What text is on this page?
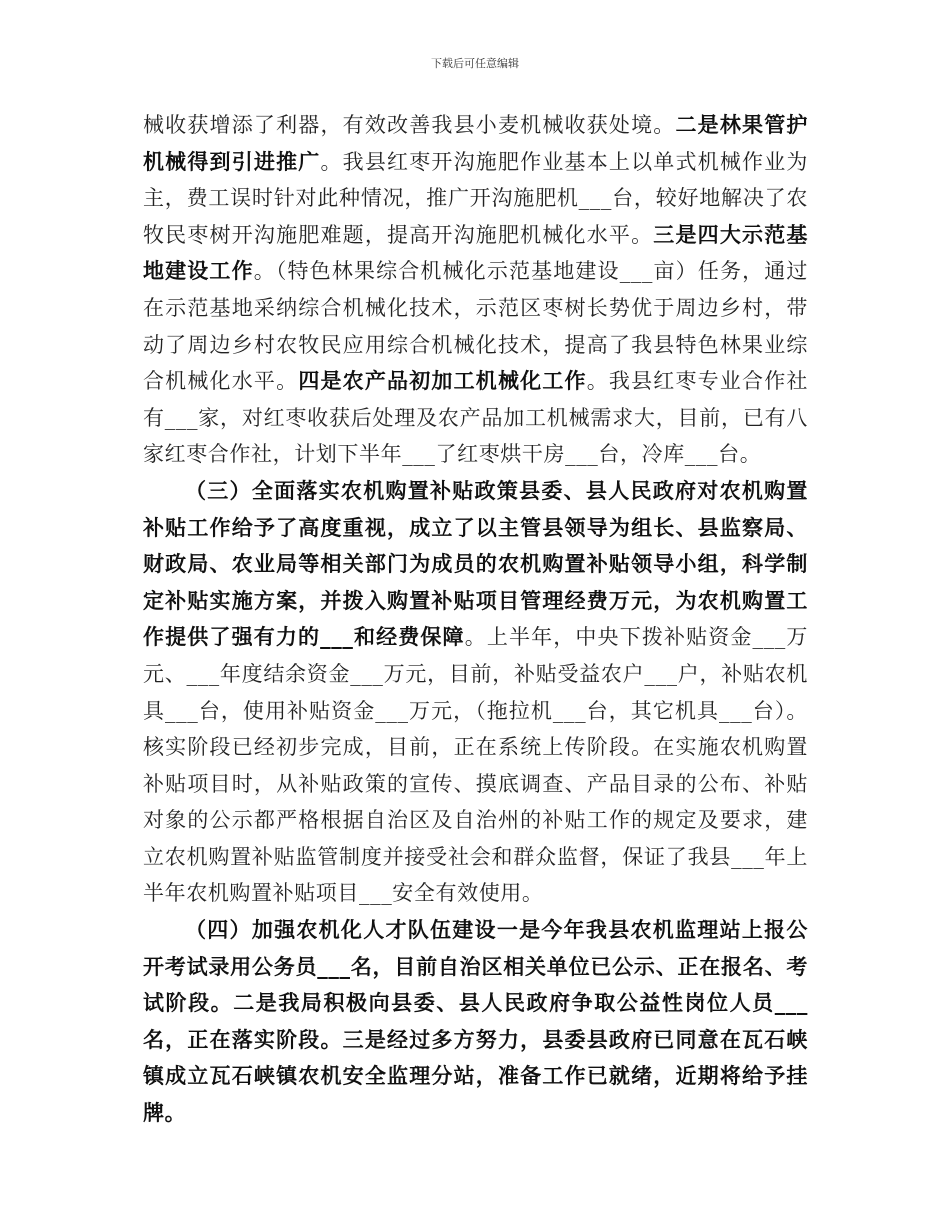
下载后可任意编辑

械收获增添了利器，有效改善我县小麦机械收获处境。二是林果管护机械得到引进推广。我县红枣开沟施肥作业基本上以单式机械作业为主，费工误时针对此种情况，推广开沟施肥机___台，较好地解决了农牧民枣树开沟施肥难题，提高开沟施肥机械化水平。三是四大示范基地建设工作。（特色林果综合机械化示范基地建设___亩）任务，通过在示范基地采纳综合机械化技术，示范区枣树长势优于周边乡村，带动了周边乡村农牧民应用综合机械化技术，提高了我县特色林果业综合机械化水平。四是农产品初加工机械化工作。我县红枣专业合作社有___家，对红枣收获后处理及农产品加工机械需求大，目前，已有八家红枣合作社，计划下半年___了红枣烘干房___台，冷库___台。

（三）全面落实农机购置补贴政策县委、县人民政府对农机购置补贴工作给予了高度重视，成立了以主管县领导为组长、县监察局、财政局、农业局等相关部门为成员的农机购置补贴领导小组，科学制定补贴实施方案，并拨入购置补贴项目管理经费万元，为农机购置工作提供了强有力的___和经费保障。上半年，中央下拨补贴资金___万元、___年度结余资金___万元，目前，补贴受益农户___户，补贴农机具___台，使用补贴资金___万元，（拖拉机___台，其它机具___台）。核实阶段已经初步完成，目前，正在系统上传阶段。在实施农机购置补贴项目时，从补贴政策的宣传、摸底调查、产品目录的公布、补贴对象的公示都严格根据自治区及自治州的补贴工作的规定及要求，建立农机购置补贴监管制度并接受社会和群众监督，保证了我县___年上半年农机购置补贴项目___安全有效使用。

（四）加强农机化人才队伍建设一是今年我县农机监理站上报公开考试录用公务员___名，目前自治区相关单位已公示、正在报名、考试阶段。二是我局积极向县委、县人民政府争取公益性岗位人员___名，正在落实阶段。三是经过多方努力，县委县政府已同意在瓦石峡镇成立瓦石峡镇农机安全监理分站，准备工作已就绪，近期将给予挂牌。
